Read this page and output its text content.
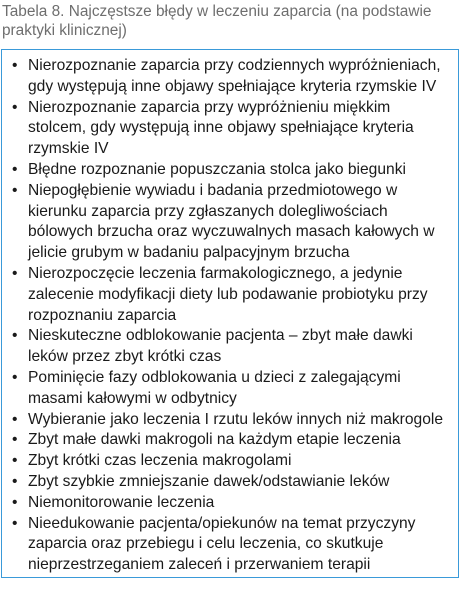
Tabela 8. Najczęstsze błędy w leczeniu zaparcia (na podstawie praktyki klinicznej)

• Nierozpoznanie zaparcia przy codziennych wypróżnieniach, gdy występują inne objawy spełniające kryteria rzymskie IV
• Nierozpoznanie zaparcia przy wypróżnieniu miękkim stolcem, gdy występują inne objawy spełniające kryteria rzymskie IV
• Błędne rozpoznanie popuszczania stolca jako biegunki
• Niepogłębienie wywiadu i badania przedmiotowego w kierunku zaparcia przy zgłaszanych dolegliwościach bólowych brzucha oraz wyczuwalnych masach kałowych w jelicie grubym w badaniu palpacyjnym brzucha
• Nierozpoczęcie leczenia farmakologicznego, a jedynie zalecenie modyfikacji diety lub podawanie probiotyku przy rozpoznaniu zaparcia
• Nieskuteczne odblokowanie pacjenta – zbyt małe dawki leków przez zbyt krótki czas
• Pominięcie fazy odblokowania u dzieci z zalegającymi masami kałowymi w odbytnicy
• Wybieranie jako leczenia I rzutu leków innych niż makrogole
• Zbyt małe dawki makrogoli na każdym etapie leczenia
• Zbyt krótki czas leczenia makrogolami
• Zbyt szybkie zmniejszanie dawek/odstawianie leków
• Niemonitorowanie leczenia
• Nieedukowanie pacjenta/opiekunów na temat przyczyny zaparcia oraz przebiegu i celu leczenia, co skutkuje nieprzestrzeganiem zaleceń i przerwaniem terapii
